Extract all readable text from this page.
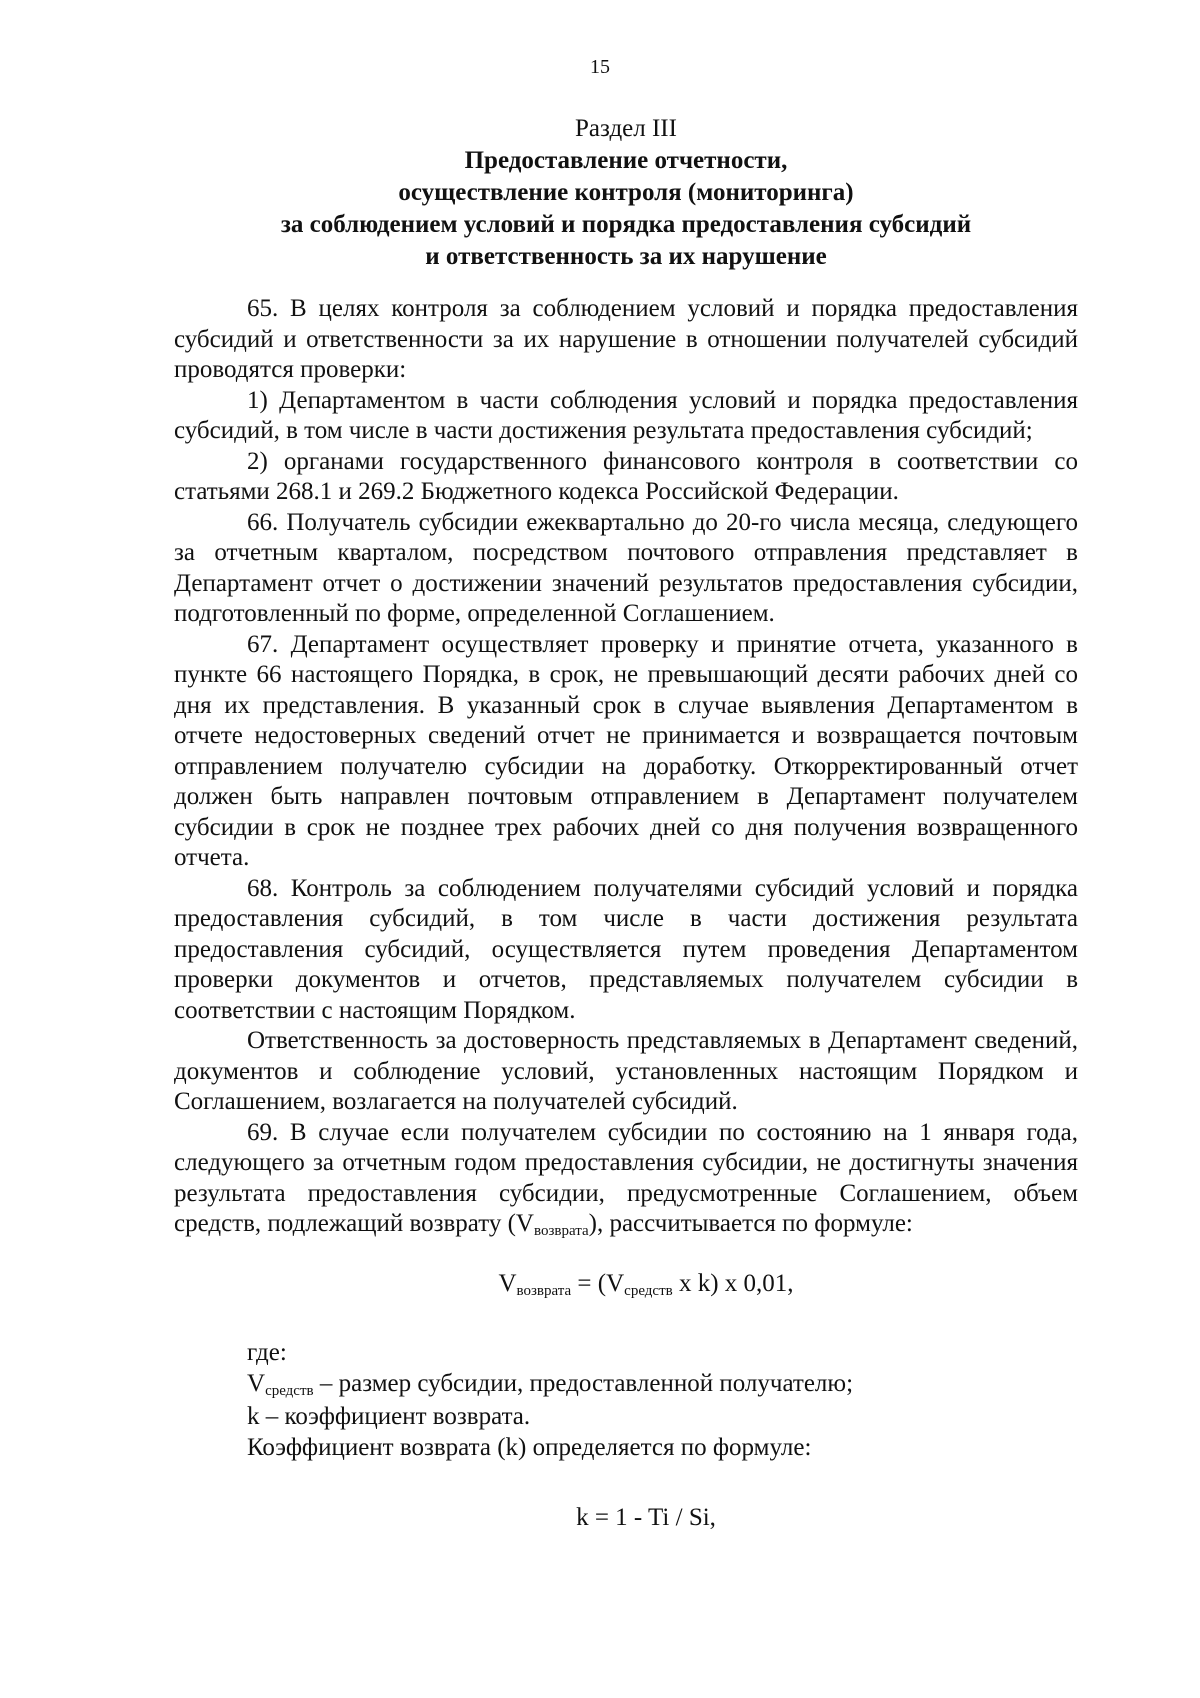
15
Раздел III
Предоставление отчетности,
осуществление контроля (мониторинга)
за соблюдением условий и порядка предоставления субсидий
и ответственность за их нарушение

65. В целях контроля за соблюдением условий и порядка предоставления субсидий и ответственности за их нарушение в отношении получателей субсидий проводятся проверки:

1) Департаментом в части соблюдения условий и порядка предоставления субсидий, в том числе в части достижения результата предоставления субсидий;

2) органами государственного финансового контроля в соответствии со статьями 268.1 и 269.2 Бюджетного кодекса Российской Федерации.

66. Получатель субсидии ежеквартально до 20-го числа месяца, следующего за отчетным кварталом, посредством почтового отправления представляет в Департамент отчет о достижении значений результатов предоставления субсидии, подготовленный по форме, определенной Соглашением.

67. Департамент осуществляет проверку и принятие отчета, указанного в пункте 66 настоящего Порядка, в срок, не превышающий десяти рабочих дней со дня их представления. В указанный срок в случае выявления Департаментом в отчете недостоверных сведений отчет не принимается и возвращается почтовым отправлением получателю субсидии на доработку. Откорректированный отчет должен быть направлен почтовым отправлением в Департамент получателем субсидии в срок не позднее трех рабочих дней со дня получения возвращенного отчета.

68. Контроль за соблюдением получателями субсидий условий и порядка предоставления субсидий, в том числе в части достижения результата предоставления субсидий, осуществляется путем проведения Департаментом проверки документов и отчетов, представляемых получателем субсидии в соответствии с настоящим Порядком.

Ответственность за достоверность представляемых в Департамент сведений, документов и соблюдение условий, установленных настоящим Порядком и Соглашением, возлагается на получателей субсидий.

69. В случае если получателем субсидии по состоянию на 1 января года, следующего за отчетным годом предоставления субсидии, не достигнуты значения результата предоставления субсидии, предусмотренные Соглашением, объем средств, подлежащий возврату $(V_{возврата})$, рассчитывается по формуле:

$V_{возврата} = (V_{средств}$ x k) x 0,01,

где:

$V_{средств}$ – размер субсидии, предоставленной получателю;

k – коэффициент возврата.

Коэффициент возврата (k) определяется по формуле:

k = 1 - Ti / Si,
